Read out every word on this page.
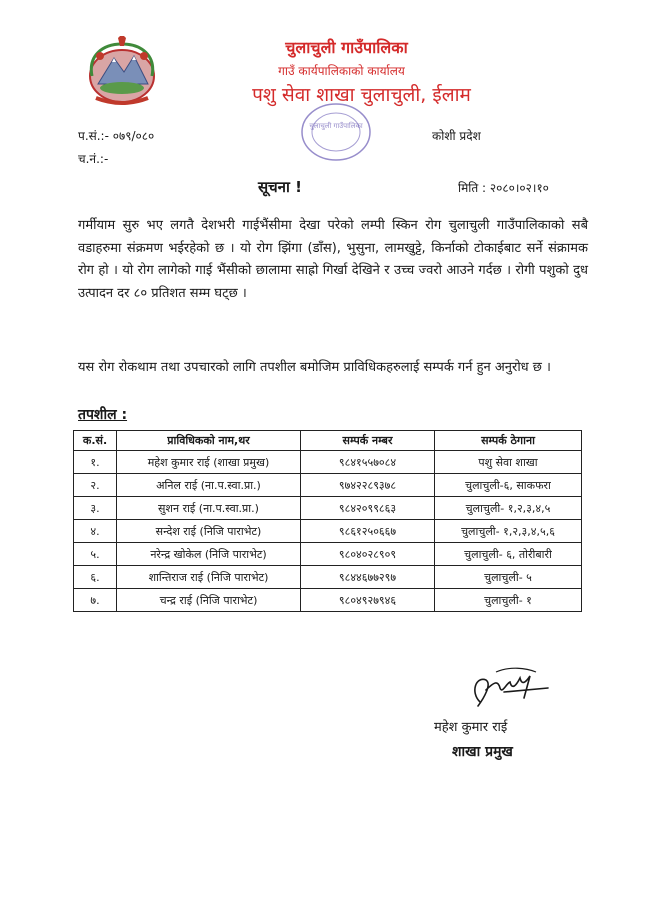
चुलाचुली गाउँपालिका
गाउँ कार्यपालिकाको कार्यालय
पशु सेवा शाखा चुलाचुली, ईलाम
चुलाचुली गाउँपालिका
प.सं.:- ०७९/०८०
च.नं.:-
कोशी प्रदेश
सूचना !	मिति : २०८०।०२।१०
गर्मीयाम सुरु भए लगतै देशभरी गाईभैंसीमा देखा परेको लम्पी स्किन रोग चुलाचुली गाउँपालिकाको सबै वडाहरुमा संक्रमण भईरहेको छ । यो रोग झिंगा (डाँस), भुसुना, लामखुट्टे, किर्नाको टोकाईबाट सर्ने संक्रामक रोग हो । यो रोग लागेको गाई भैंसीको छालामा साह्रो गिर्खा देखिने र उच्च ज्वरो आउने गर्दछ । रोगी पशुको दुध उत्पादन दर ८० प्रतिशत सम्म घट्छ ।
यस रोग रोकथाम तथा उपचारको लागि तपशील बमोजिम प्राविधिकहरुलाई सम्पर्क गर्न हुन अनुरोध छ ।
तपशील :
क.सं.	प्राविधिकको नाम,थर	सम्पर्क नम्बर	सम्पर्क ठेगाना
१.	महेश कुमार राई (शाखा प्रमुख)	९८४१५५७०८४	पशु सेवा शाखा
२.	अनिल राई (ना.प.स्वा.प्रा.)	९७४२२८९३७८	चुलाचुली-६, साकफरा
३.	सुशन राई (ना.प.स्वा.प्रा.)	९८४२०९९८६३	चुलाचुली- १,२,३,४,५
४.	सन्देश राई (निजि पाराभेट)	९८६१२५०६६७	चुलाचुली- १,२,३,४,५,६
५.	नरेन्द्र खोकेल (निजि पाराभेट)	९८०४०२८९०९	चुलाचुली- ६, तोरीबारी
६.	शान्तिराज राई (निजि पाराभेट)	९८४४६७७२९७	चुलाचुली- ५
७.	चन्द्र राई (निजि पाराभेट)	९८०४९२७९४६	चुलाचुली- १
महेश कुमार राई
शाखा प्रमुख
